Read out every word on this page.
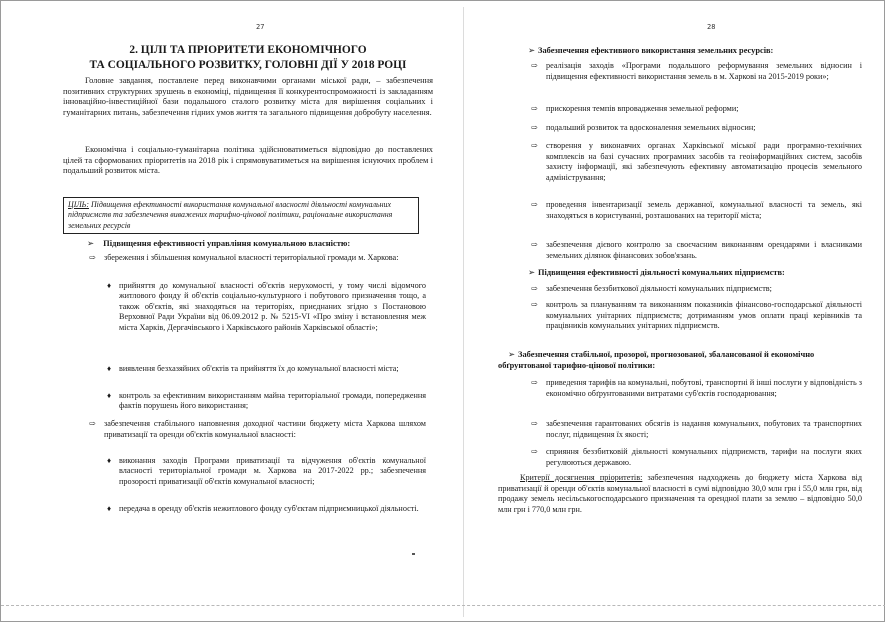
27
2. ЦІЛІ ТА ПРІОРИТЕТИ ЕКОНОМІЧНОГО
ТА СОЦІАЛЬНОГО РОЗВИТКУ, ГОЛОВНІ ДІЇ У 2018 РОЦІ
Головне завдання, поставлене перед виконавчими органами міської ради, – забезпечення позитивних структурних зрушень в економіці, підвищення її конкурентоспроможності із закладанням інноваційно-інвестиційної бази подальшого сталого розвитку міста для вирішення соціальних і гуманітарних питань, забезпечення гідних умов життя та загального підвищення добробуту населення.
Економічна і соціально-гуманітарна політика здійснюватиметься відповідно до поставлених цілей та сформованих пріоритетів на 2018 рік і спрямовуватиметься на вирішення існуючих проблем і подальший розвиток міста.
ЦІЛЬ: Підвищення ефективності використання комунальної власності діяльності комунальних підприємств та забезпечення виважених тарифно-цінової політики, раціональне використання земельних ресурсів
➢ Підвищення ефективності управління комунальною власністю:
⇨ збереження і збільшення комунальної власності територіальної громади м. Харкова:
♦ прийняття до комунальної власності об'єктів нерухомості, у тому числі відомчого житлового фонду й об'єктів соціально-культурного і побутового призначення тощо, а також об'єктів, які знаходяться на територіях, приєднаних згідно з Постановою Верховної Ради України від 06.09.2012 р. № 5215-VI «Про зміну і встановлення меж міста Харків, Дергачівського і Харківського районів Харківської області»;
♦ виявлення безхазяйних об'єктів та прийняття їх до комунальної власності міста;
♦ контроль за ефективним використанням майна територіальної громади, попередження фактів порушень його використання;
⇨ забезпечення стабільного наповнення доходної частини бюджету міста Харкова шляхом приватизації та оренди об'єктів комунальної власності:
♦ виконання заходів Програми приватизації та відчуження об'єктів комунальної власності територіальної громади м. Харкова на 2017-2022 рр.; забезпечення прозорості приватизації об'єктів комунальної власності;
♦ передача в оренду об'єктів нежитлового фонду суб'єктам підприємницької діяльності.
28
➢ Забезпечення ефективного використання земельних ресурсів:
⇨ реалізація заходів «Програми подальшого реформування земельних відносин і підвищення ефективності використання земель в м. Харкові на 2015-2019 роки»;
⇨ прискорення темпів впровадження земельної реформи;
⇨ подальший розвиток та вдосконалення земельних відносин;
⇨ створення у виконавчих органах Харківської міської ради програмно-технічних комплексів на базі сучасних програмних засобів та геоінформаційних систем, засобів захисту інформації, які забезпечують ефективну автоматизацію процесів земельного адміністрування;
⇨ проведення інвентаризації земель державної, комунальної власності та земель, які знаходяться в користуванні, розташованих на території міста;
⇨ забезпечення дієвого контролю за своєчасним виконанням орендарями і власниками земельних ділянок фінансових зобов'язань.
➢ Підвищення ефективності діяльності комунальних підприємств:
⇨ забезпечення беззбиткової діяльності комунальних підприємств;
⇨ контроль за плануванням та виконанням показників фінансово-господарської діяльності комунальних унітарних підприємств; дотриманням умов оплати праці керівників та працівників комунальних унітарних підприємств.
➢ Забезпечення стабільної, прозорої, прогнозованої, збалансованої й економічно обґрунтованої тарифно-цінової політики:
⇨ приведення тарифів на комунальні, побутові, транспортні й інші послуги у відповідність з економічно обґрунтованими витратами суб'єктів господарювання;
⇨ забезпечення гарантованих обсягів із надання комунальних, побутових та транспортних послуг, підвищення їх якості;
⇨ сприяння беззбитковій діяльності комунальних підприємств, тарифи на послуги яких регулюються державою.
Критерії досягнення пріоритетів: забезпечення надходжень до бюджету міста Харкова від приватизації й оренди об'єктів комунальної власності в сумі відповідно 30,0 млн грн і 55,0 млн грн, від продажу земель несільськогосподарського призначення та орендної плати за землю – відповідно 50,0 млн грн і 770,0 млн грн.
